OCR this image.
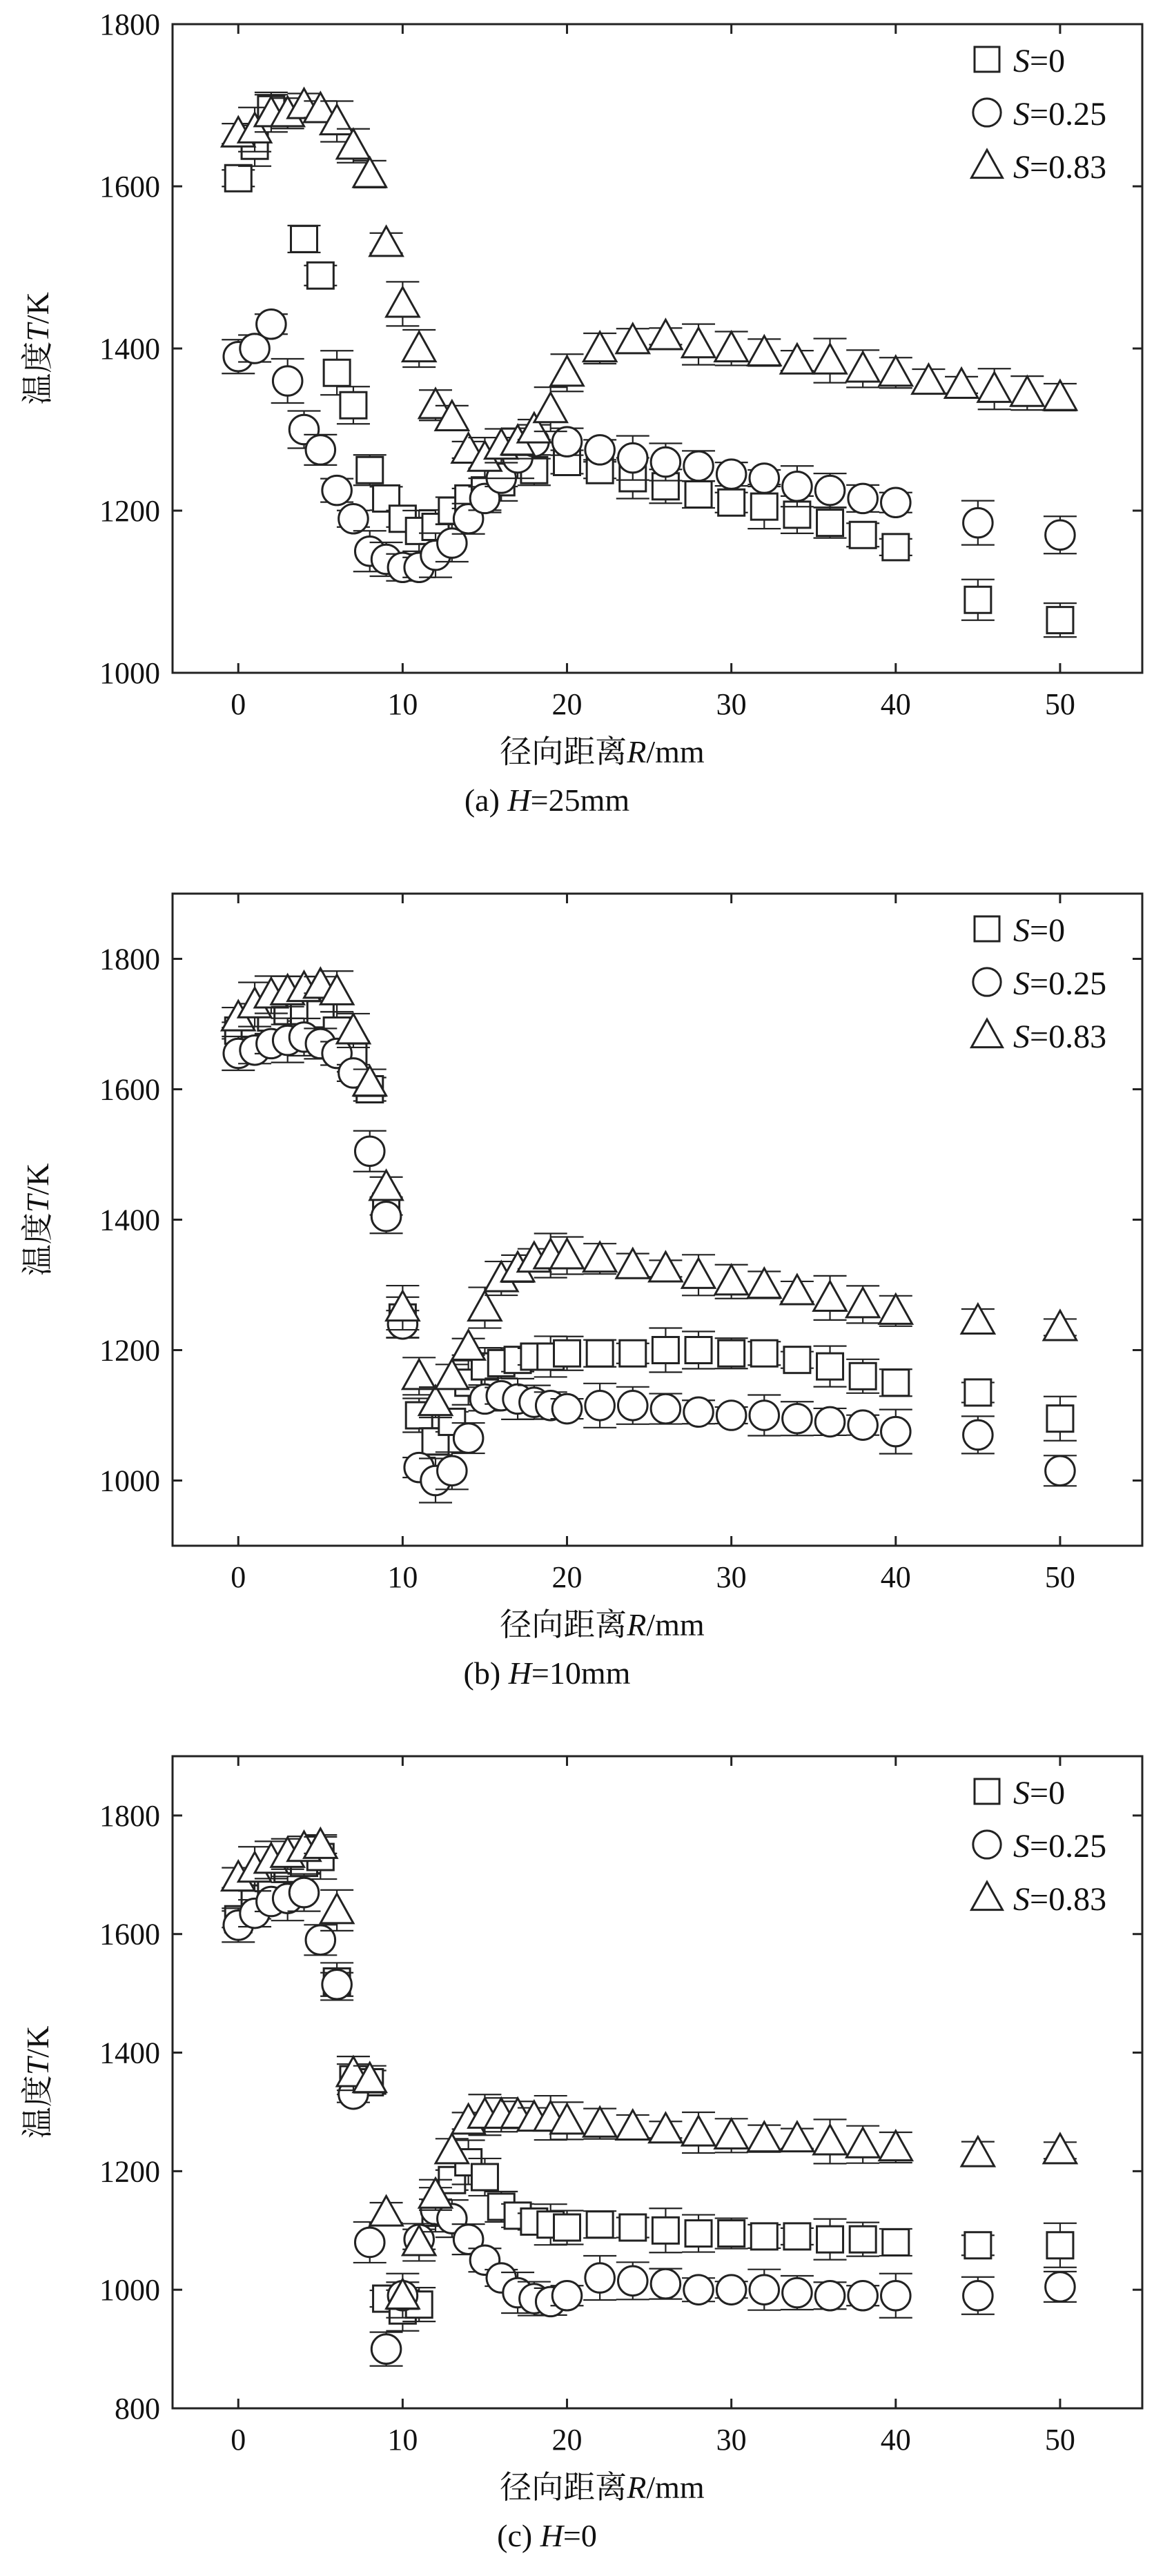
0	10	20	30	40	50
1000
1200
1400
1600
1800
温度T/K
径向距离R/mm
(a) H=25mm
S=0
S=0.25
S=0.83
0	10	20	30	40	50
1000
1200
1400
1600
1800
温度T/K
径向距离R/mm
(b) H=10mm
S=0
S=0.25
S=0.83
0	10	20	30	40	50
800
1000
1200
1400
1600
1800
温度T/K
径向距离R/mm
(c) H=0
S=0
S=0.25
S=0.83
